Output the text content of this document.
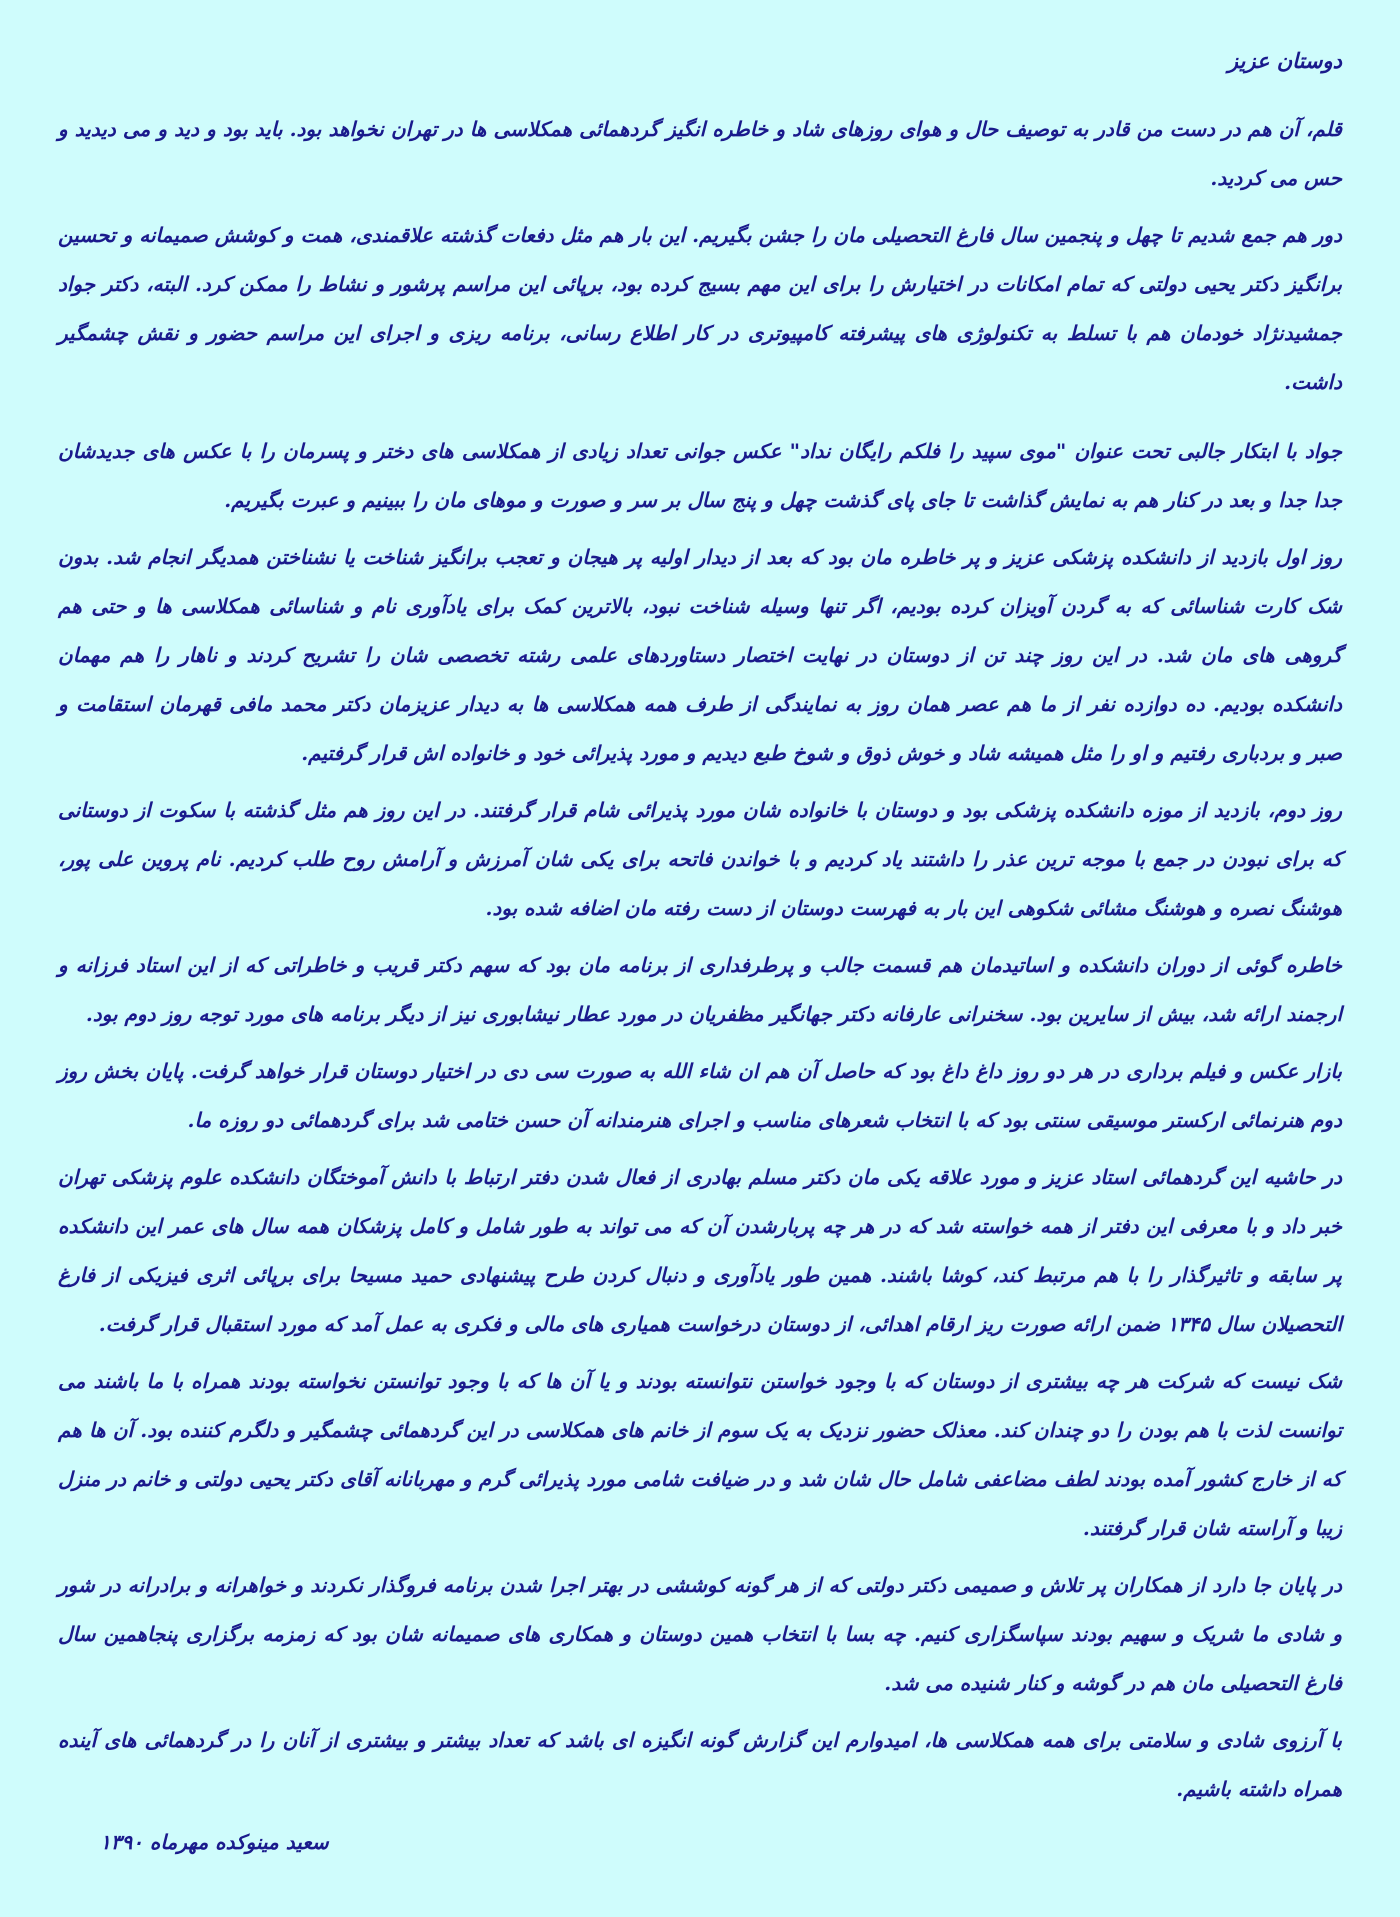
دوستان عزیز

قلم، آن هم در دست من قادر به توصیف حال و هوای روزهای شاد و خاطره انگیز گردهمائی همکلاسی ها در تهران نخواهد بود. باید بود و دید و می دیدید و حس می کردید.

دور هم جمع شدیم تا چهل و پنجمین سال فارغ التحصیلی مان را جشن بگیریم. این بار هم مثل دفعات گذشته علاقمندی، همت و کوشش صمیمانه و تحسین برانگیز دکتر یحیی دولتی که تمام امکانات در اختیارش را برای این مهم بسیج کرده بود، برپائی این مراسم پرشور و نشاط را ممکن کرد. البته، دکتر جواد جمشیدنژاد خودمان هم با تسلط به تکنولوژی های پیشرفته کامپیوتری در کار اطلاع رسانی، برنامه ریزی و اجرای این مراسم حضور و نقش چشمگیر داشت.

جواد با ابتکار جالبی تحت عنوان "موی سپید را فلکم رایگان نداد" عکس جوانی تعداد زیادی از همکلاسی های دختر و پسرمان را با عکس های جدیدشان جدا جدا و بعد در کنار هم به نمایش گذاشت تا جای پای گذشت چهل و پنج سال بر سر و صورت و موهای مان را ببینیم و عبرت بگیریم.

روز اول بازدید از دانشکده پزشکی عزیز و پر خاطره مان بود که بعد از دیدار اولیه پر هیجان و تعجب برانگیز شناخت یا نشناختن همدیگر انجام شد. بدون شک کارت شناسائی که به گردن آویزان کرده بودیم، اگر تنها وسیله شناخت نبود، بالاترین کمک برای یادآوری نام و شناسائی همکلاسی ها و حتی هم گروهی های مان شد. در این روز چند تن از دوستان در نهایت اختصار دستاوردهای علمی رشته تخصصی شان را تشریح کردند و ناهار را هم مهمان دانشکده بودیم. ده دوازده نفر از ما هم عصر همان روز به نمایندگی از طرف همه همکلاسی ها به دیدار عزیزمان دکتر محمد مافی قهرمان استقامت و صبر و بردباری رفتیم و او را مثل همیشه شاد و خوش ذوق و شوخ طبع دیدیم و مورد پذیرائی خود و خانواده اش قرار گرفتیم.

روز دوم، بازدید از موزه دانشکده پزشکی بود و دوستان با خانواده شان مورد پذیرائی شام قرار گرفتند. در این روز هم مثل گذشته با سکوت از دوستانی که برای نبودن در جمع با موجه ترین عذر را داشتند یاد کردیم و با خواندن فاتحه برای یکی شان آمرزش و آرامش روح طلب کردیم. نام پروین علی پور، هوشنگ نصره و هوشنگ مشائی شکوهی این بار به فهرست دوستان از دست رفته مان اضافه شده بود.

خاطره گوئی از دوران دانشکده و اساتیدمان هم قسمت جالب و پرطرفداری از برنامه مان بود که سهم دکتر قریب و خاطراتی که از این استاد فرزانه و ارجمند ارائه شد، بیش از سایرین بود. سخنرانی عارفانه دکتر جهانگیر مظفریان در مورد عطار نیشابوری نیز از دیگر برنامه های مورد توجه روز دوم بود.

بازار عکس و فیلم برداری در هر دو روز داغ داغ بود که حاصل آن هم ان شاء الله به صورت سی دی در اختیار دوستان قرار خواهد گرفت. پایان بخش روز دوم هنرنمائی ارکستر موسیقی سنتی بود که با انتخاب شعرهای مناسب و اجرای هنرمندانه آن حسن ختامی شد برای گردهمائی دو روزه ما.

در حاشیه این گردهمائی استاد عزیز و مورد علاقه یکی مان دکتر مسلم بهادری از فعال شدن دفتر ارتباط با دانش آموختگان دانشکده علوم پزشکی تهران خبر داد و با معرفی این دفتر از همه خواسته شد که در هر چه پربارشدن آن که می تواند به طور شامل و کامل پزشکان همه سال های عمر این دانشکده پر سابقه و تاثیرگذار را با هم مرتبط کند، کوشا باشند. همین طور یادآوری و دنبال کردن طرح پیشنهادی حمید مسیحا برای برپائی اثری فیزیکی از فارغ التحصیلان سال ۱۳۴۵ ضمن ارائه صورت ریز ارقام اهدائی، از دوستان درخواست همیاری های مالی و فکری به عمل آمد که مورد استقبال قرار گرفت.

شک نیست که شرکت هر چه بیشتری از دوستان که با وجود خواستن نتوانسته بودند و یا آن ها که با وجود توانستن نخواسته بودند همراه با ما باشند می توانست لذت با هم بودن را دو چندان کند. معذلک حضور نزدیک به یک سوم از خانم های همکلاسی در این گردهمائی چشمگیر و دلگرم کننده بود. آن ها هم که از خارج کشور آمده بودند لطف مضاعفی شامل حال شان شد و در ضیافت شامی مورد پذیرائی گرم و مهربانانه آقای دکتر یحیی دولتی و خانم در منزل زیبا و آراسته شان قرار گرفتند.

در پایان جا دارد از همکاران پر تلاش و صمیمی دکتر دولتی که از هر گونه کوششی در بهتر اجرا شدن برنامه فروگذار نکردند و خواهرانه و برادرانه در شور و شادی ما شریک و سهیم بودند سپاسگزاری کنیم. چه بسا با انتخاب همین دوستان و همکاری های صمیمانه شان بود که زمزمه برگزاری پنجاهمین سال فارغ التحصیلی مان هم در گوشه و کنار شنیده می شد.

با آرزوی شادی و سلامتی برای همه همکلاسی ها، امیدوارم این گزارش گونه انگیزه ای باشد که تعداد بیشتر و بیشتری از آنان را در گردهمائی های آینده همراه داشته باشیم.

سعید مینوکده مهرماه ۱۳۹۰
